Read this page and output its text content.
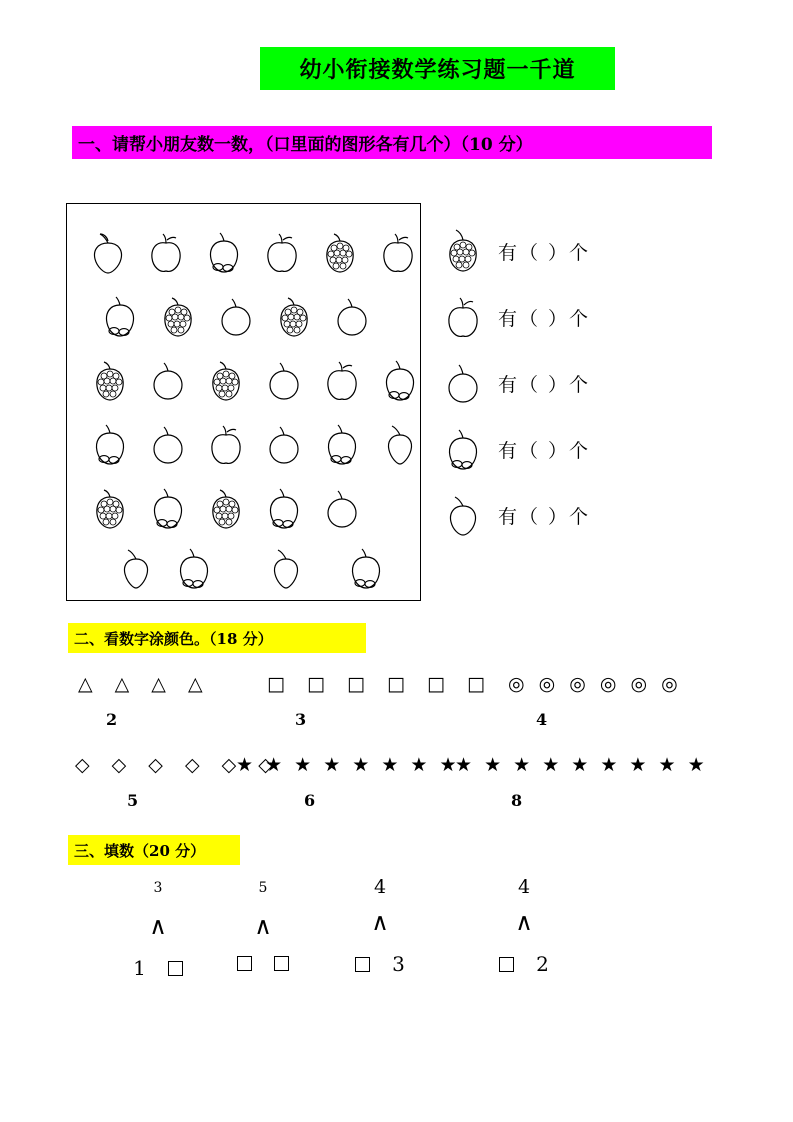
幼小衔接数学练习题一千道
一、请帮小朋友数一数，（口里面的图形各有几个）（10 分）
有（ ）个
有（ ）个
有（ ）个
有（ ）个
有（ ）个
二、看数字涂颜色。（18 分）
△ △ △ △
2
□ □ □ □ □ □
3
◎ ◎ ◎ ◎ ◎ ◎
4
◇ ◇ ◇ ◇ ◇ ◇
5
★ ★ ★ ★ ★ ★ ★ ★
6
★ ★ ★ ★ ★ ★ ★ ★ ★
8
三、填数（20 分）
3
∧
1
5
∧
4
∧
3
4
∧
2
